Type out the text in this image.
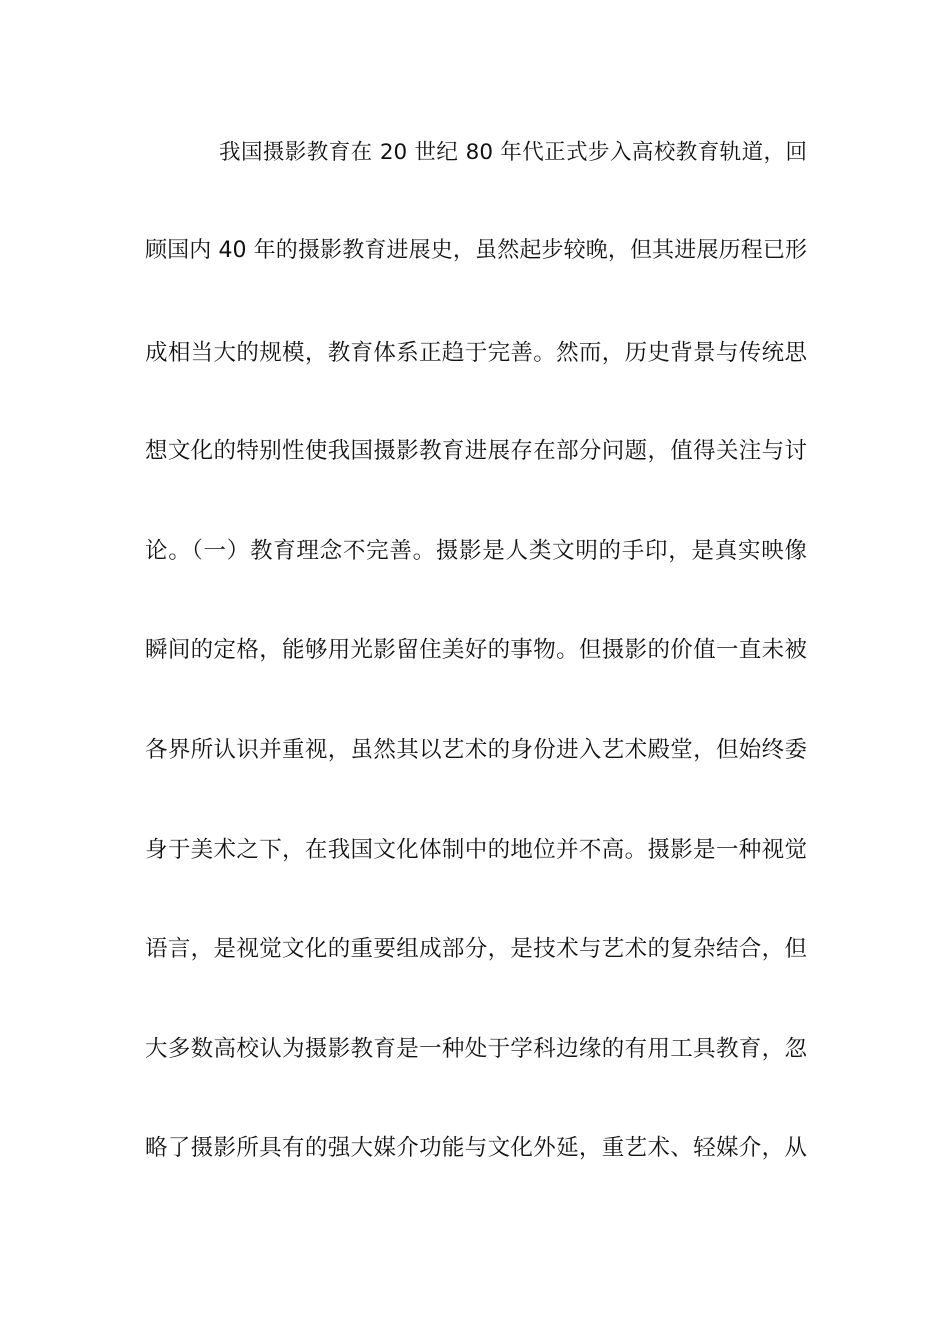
我国摄影教育在 20 世纪 80 年代正式步入高校教育轨道，回
顾国内 40 年的摄影教育进展史，虽然起步较晚，但其进展历程已形
成相当大的规模，教育体系正趋于完善。然而，历史背景与传统思
想文化的特别性使我国摄影教育进展存在部分问题，值得关注与讨
论。（一）教育理念不完善。摄影是人类文明的手印，是真实映像
瞬间的定格，能够用光影留住美好的事物。但摄影的价值一直未被
各界所认识并重视，虽然其以艺术的身份进入艺术殿堂，但始终委
身于美术之下，在我国文化体制中的地位并不高。摄影是一种视觉
语言，是视觉文化的重要组成部分，是技术与艺术的复杂结合，但
大多数高校认为摄影教育是一种处于学科边缘的有用工具教育，忽
略了摄影所具有的强大媒介功能与文化外延，重艺术、轻媒介，从
